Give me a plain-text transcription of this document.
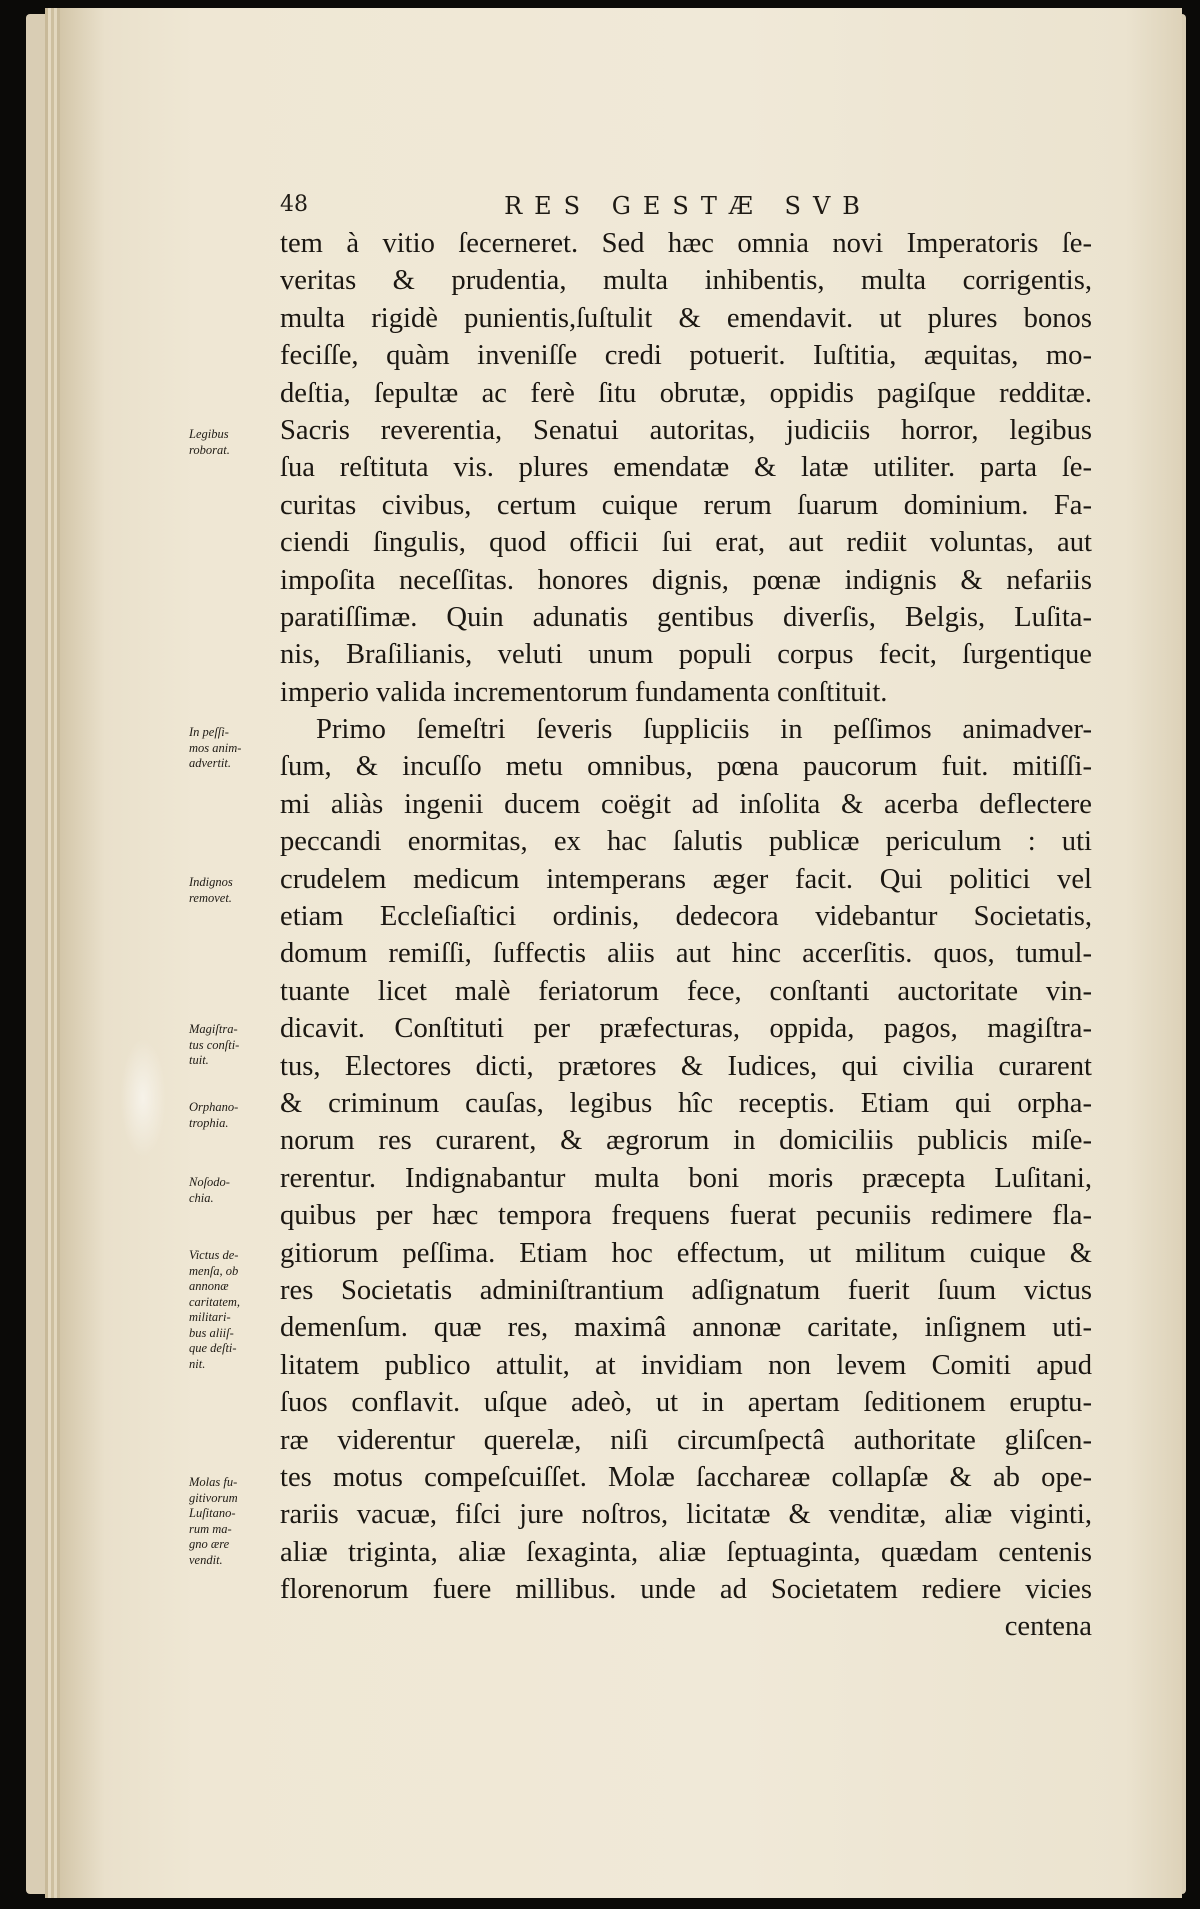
48	RES GESTÆ SVB
tem à vitio ſecerneret. Sed hæc omnia novi Imperatoris ſe-
veritas & prudentia, multa inhibentis, multa corrigentis,
multa rigidè punientis,ſuſtulit & emendavit. ut plures bonos
feciſſe, quàm inveniſſe credi potuerit. Iuſtitia, æquitas, mo-
deſtia, ſepultæ ac ferè ſitu obrutæ, oppidis pagiſque redditæ.
Sacris reverentia, Senatui autoritas, judiciis horror, legibus
ſua reſtituta vis. plures emendatæ & latæ utiliter. parta ſe-
curitas civibus, certum cuique rerum ſuarum dominium. Fa-
ciendi ſingulis, quod officii ſui erat, aut rediit voluntas, aut
impoſita neceſſitas. honores dignis, pœnæ indignis & nefariis
paratiſſimæ. Quin adunatis gentibus diverſis, Belgis, Luſita-
nis, Braſilianis, veluti unum populi corpus fecit, ſurgentique
imperio valida incrementorum fundamenta conſtituit.
Primo ſemeſtri ſeveris ſuppliciis in peſſimos animadver-
ſum, & incuſſo metu omnibus, pœna paucorum fuit. mitiſſi-
mi aliàs ingenii ducem coëgit ad inſolita & acerba deflectere
peccandi enormitas, ex hac ſalutis publicæ periculum : uti
crudelem medicum intemperans æger facit. Qui politici vel
etiam Eccleſiaſtici ordinis, dedecora videbantur Societatis,
domum remiſſi, ſuffectis aliis aut hinc accerſitis. quos, tumul-
tuante licet malè feriatorum fece, conſtanti auctoritate vin-
dicavit. Conſtituti per præfecturas, oppida, pagos, magiſtra-
tus, Electores dicti, prætores & Iudices, qui civilia curarent
& criminum cauſas, legibus hîc receptis. Etiam qui orpha-
norum res curarent, & ægrorum in domiciliis publicis miſe-
rerentur. Indignabantur multa boni moris præcepta Luſitani,
quibus per hæc tempora frequens fuerat pecuniis redimere fla-
gitiorum peſſima. Etiam hoc effectum, ut militum cuique &
res Societatis adminiſtrantium adſignatum fuerit ſuum victus
demenſum. quæ res, maximâ annonæ caritate, inſignem uti-
litatem publico attulit, at invidiam non levem Comiti apud
ſuos conflavit. uſque adeò, ut in apertam ſeditionem eruptu-
ræ viderentur querelæ, niſi circumſpectâ authoritate gliſcen-
tes motus compeſcuiſſet. Molæ ſacchareæ collapſæ & ab ope-
rariis vacuæ, fiſci jure noſtros, licitatæ & venditæ, aliæ viginti,
aliæ triginta, aliæ ſexaginta, aliæ ſeptuaginta, quædam centenis
florenorum fuere millibus. unde ad Societatem rediere vicies
centena
Legibus
roborat.
In peſſi-
mos anim-
advertit.
Indignos
removet.
Magiſtra-
tus conſti-
tuit.
Orphano-
trophia.
Noſodo-
chia.
Victus de-
menſa, ob
annonæ
caritatem,
militari-
bus aliiſ-
que deſti-
nit.
Molas fu-
gitivorum
Luſitano-
rum ma-
gno ære
vendit.
